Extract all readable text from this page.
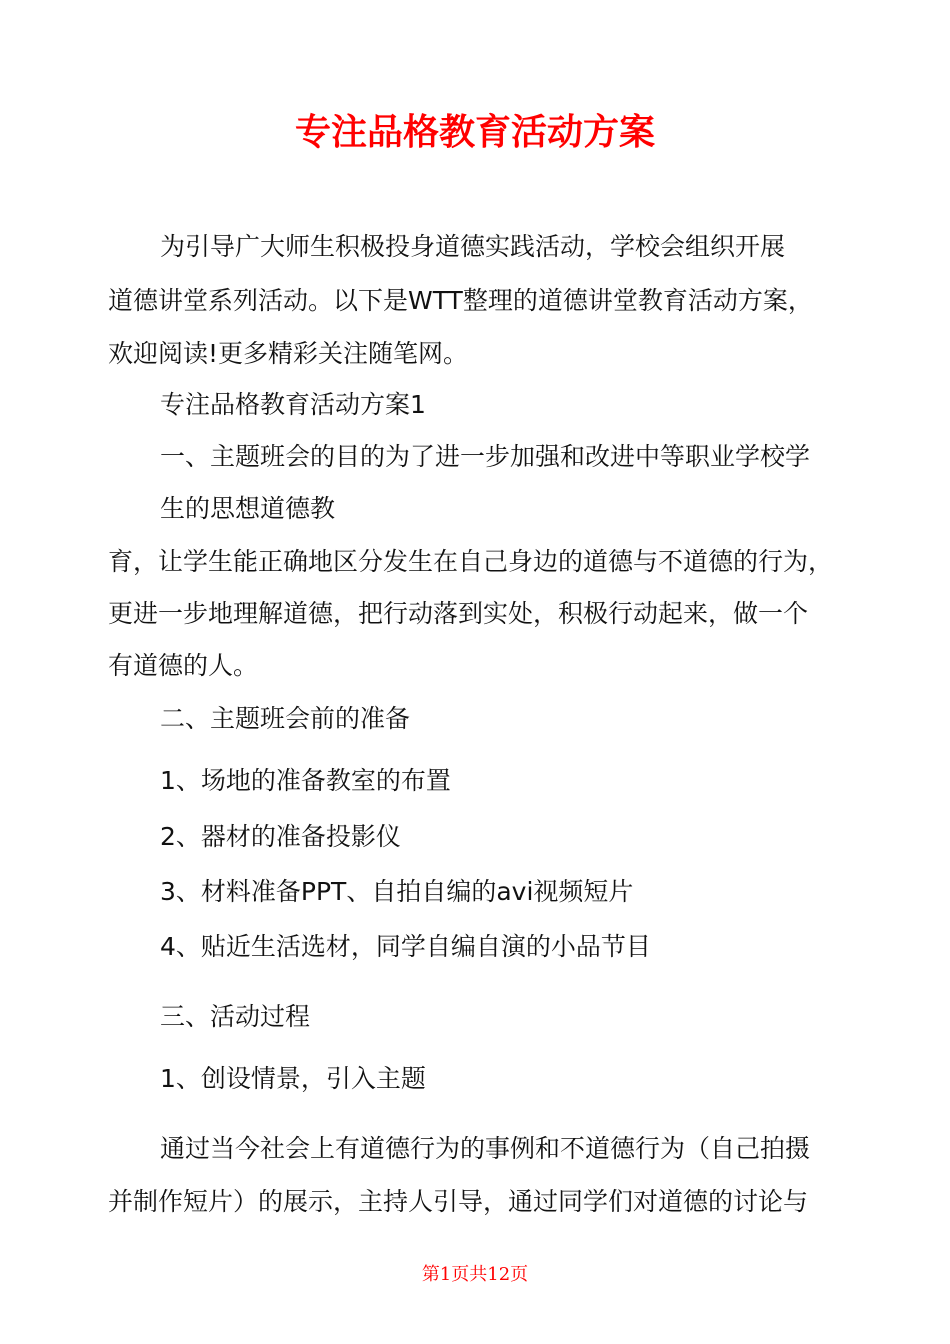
专注品格教育活动方案

为引导广大师生积极投身道德实践活动，学校会组织开展

道德讲堂系列活动。以下是WTT整理的道德讲堂教育活动方案，

欢迎阅读!更多精彩关注随笔网。

专注品格教育活动方案1

一、主题班会的目的为了进一步加强和改进中等职业学校学

生的思想道德教

育，让学生能正确地区分发生在自己身边的道德与不道德的行为，

更进一步地理解道德，把行动落到实处，积极行动起来，做一个

有道德的人。

二、主题班会前的准备

1、场地的准备教室的布置

2、器材的准备投影仪

3、材料准备PPT、自拍自编的avi视频短片

4、贴近生活选材，同学自编自演的小品节目

三、活动过程

1、创设情景，引入主题

通过当今社会上有道德行为的事例和不道德行为（自己拍摄

并制作短片）的展示，主持人引导，通过同学们对道德的讨论与

第1页共12页
